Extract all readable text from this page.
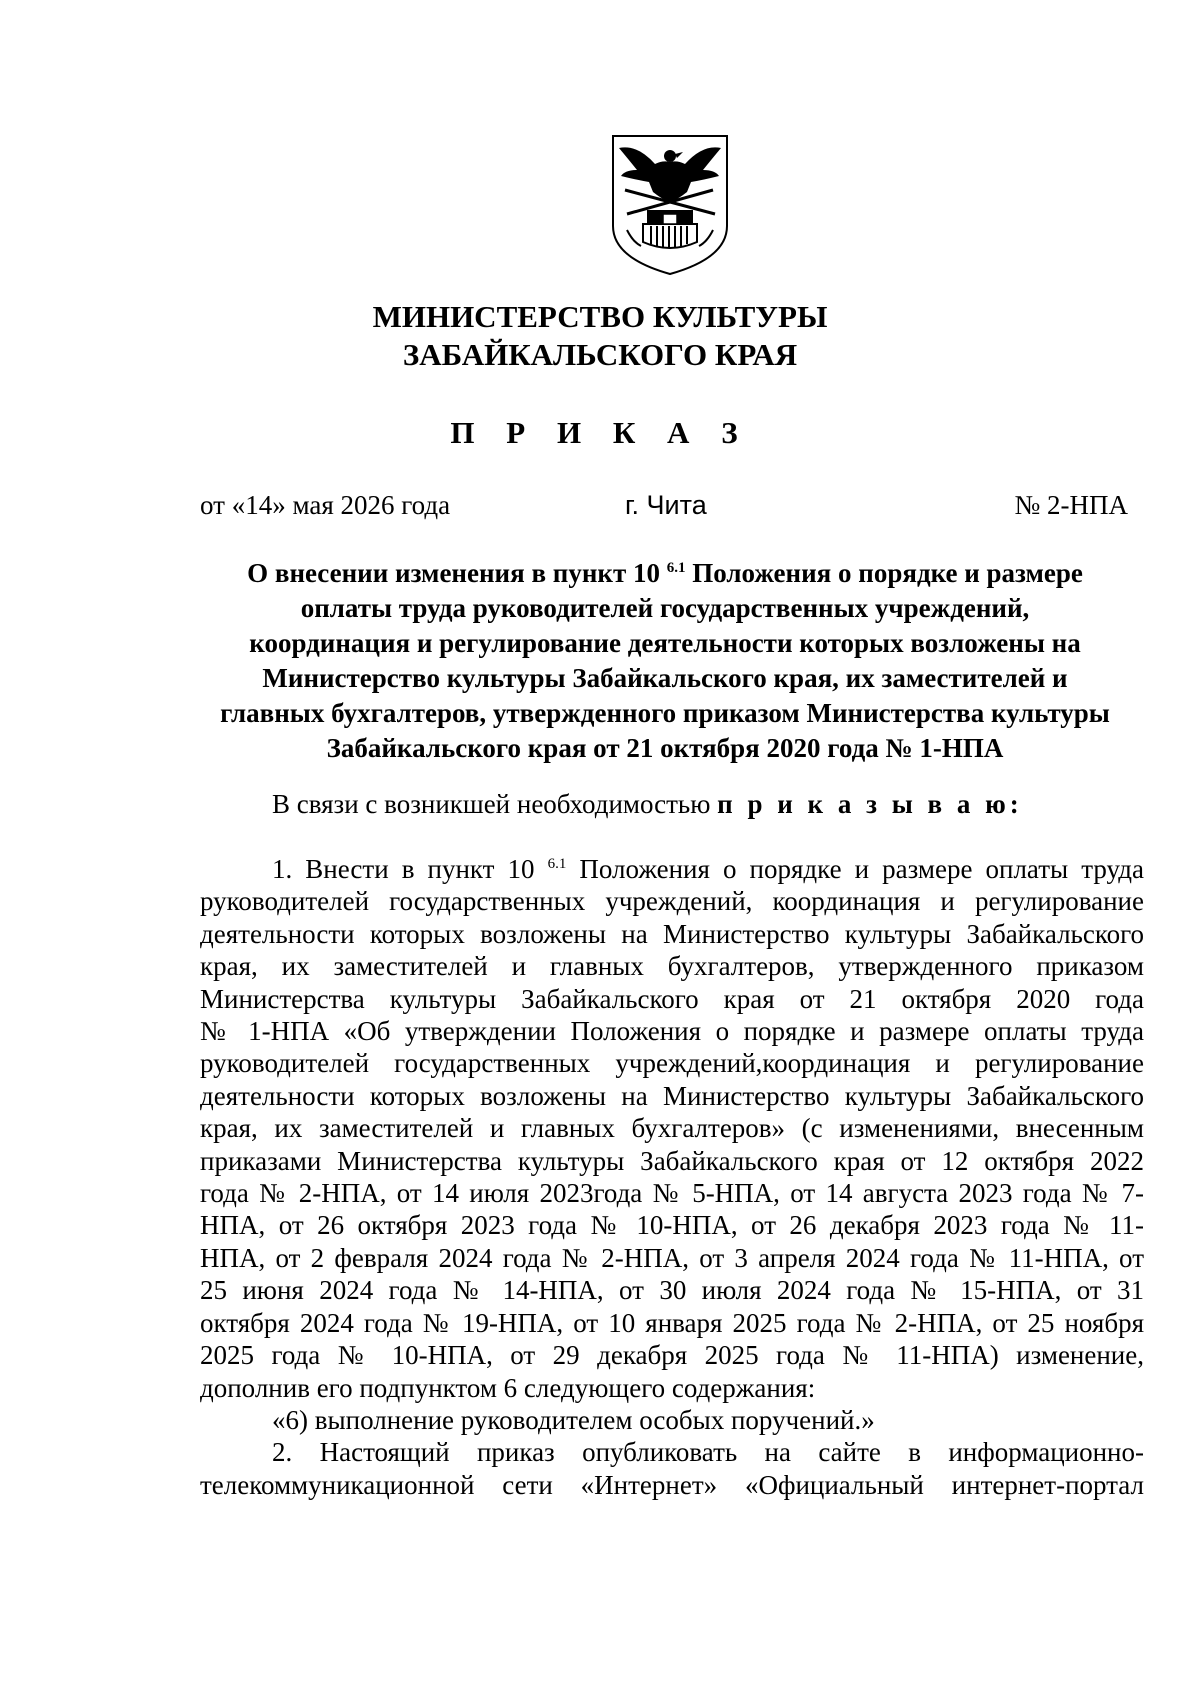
МИНИСТЕРСТВО КУЛЬТУРЫ
ЗАБАЙКАЛЬСКОГО КРАЯ
П Р И К А З
от «14» мая 2026 года	г. Чита	№ 2-НПА
О внесении изменения в пункт 10 $^{6.1}$ Положения о порядке и размере
оплаты труда руководителей государственных учреждений,
координация и регулирование деятельности которых возложены на
Министерство культуры Забайкальского края, их заместителей и
главных бухгалтеров, утвержденного приказом Министерства культуры
Забайкальского края от 21 октября 2020 года № 1-НПА
В связи с возникшей необходимостью п р и к а з ы в а ю:
1. Внести в пункт 10 $^{6.1}$ Положения о порядке и размере оплаты труда
руководителей государственных учреждений, координация и регулирование
деятельности которых возложены на Министерство культуры Забайкальского
края, их заместителей и главных бухгалтеров, утвержденного приказом
Министерства культуры Забайкальского края от 21 октября 2020 года
№ 1-НПА «Об утверждении Положения о порядке и размере оплаты труда
руководителей государственных учреждений,координация и регулирование
деятельности которых возложены на Министерство культуры Забайкальского
края, их заместителей и главных бухгалтеров» (с изменениями, внесенным
приказами Министерства культуры Забайкальского края от 12 октября 2022
года № 2-НПА, от 14 июля 2023года № 5-НПА, от 14 августа 2023 года № 7-
НПА, от 26 октября 2023 года № 10-НПА, от 26 декабря 2023 года № 11-
НПА, от 2 февраля 2024 года № 2-НПА, от 3 апреля 2024 года № 11-НПА, от
25 июня 2024 года № 14-НПА, от 30 июля 2024 года № 15-НПА, от 31
октября 2024 года № 19-НПА, от 10 января 2025 года № 2-НПА, от 25 ноября
2025 года № 10-НПА, от 29 декабря 2025 года № 11-НПА) изменение,
дополнив его подпунктом 6 следующего содержания:
«6) выполнение руководителем особых поручений.»
2. Настоящий приказ опубликовать на сайте в информационно-
телекоммуникационной сети «Интернет» «Официальный интернет-портал
